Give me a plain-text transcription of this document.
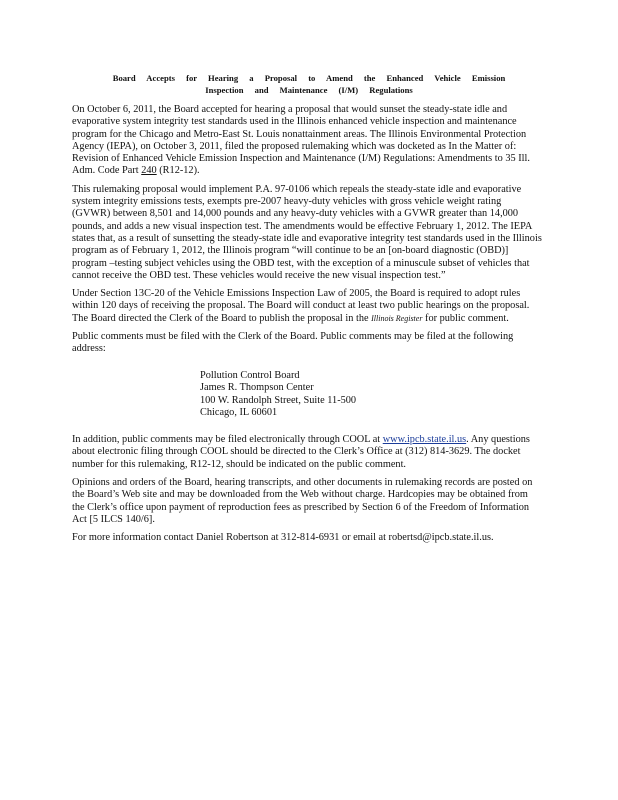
Board Accepts for Hearing a Proposal to Amend the Enhanced Vehicle Emission
Inspection and Maintenance (I/M) Regulations

On October 6, 2011, the Board accepted for hearing a proposal that would sunset the steady-state idle and evaporative system integrity test standards used in the Illinois enhanced vehicle inspection and maintenance program for the Chicago and Metro-East St. Louis nonattainment areas. The Illinois Environmental Protection Agency (IEPA), on October 3, 2011, filed the proposed rulemaking which was docketed as In the Matter of: Revision of Enhanced Vehicle Emission Inspection and Maintenance (I/M) Regulations: Amendments to 35 Ill. Adm. Code Part 240 (R12-12).

This rulemaking proposal would implement P.A. 97-0106 which repeals the steady-state idle and evaporative system integrity emissions tests, exempts pre-2007 heavy-duty vehicles with gross vehicle weight rating (GVWR) between 8,501 and 14,000 pounds and any heavy-duty vehicles with a GVWR greater than 14,000 pounds, and adds a new visual inspection test. The amendments would be effective February 1, 2012. The IEPA states that, as a result of sunsetting the steady-state idle and evaporative integrity test standards used in the Illinois program as of February 1, 2012, the Illinois program “will continue to be an [on-board diagnostic (OBD)] program –testing subject vehicles using the OBD test, with the exception of a minuscule subset of vehicles that cannot receive the OBD test. These vehicles would receive the new visual inspection test.”

Under Section 13C-20 of the Vehicle Emissions Inspection Law of 2005, the Board is required to adopt rules within 120 days of receiving the proposal. The Board will conduct at least two public hearings on the proposal. The Board directed the Clerk of the Board to publish the proposal in the Illinois Register for public comment.

Public comments must be filed with the Clerk of the Board. Public comments may be filed at the following address:

Pollution Control Board
James R. Thompson Center
100 W. Randolph Street, Suite 11-500
Chicago, IL 60601

In addition, public comments may be filed electronically through COOL at www.ipcb.state.il.us. Any questions about electronic filing through COOL should be directed to the Clerk’s Office at (312) 814-3629. The docket number for this rulemaking, R12-12, should be indicated on the public comment.

Opinions and orders of the Board, hearing transcripts, and other documents in rulemaking records are posted on the Board’s Web site and may be downloaded from the Web without charge. Hardcopies may be obtained from the Clerk’s office upon payment of reproduction fees as prescribed by Section 6 of the Freedom of Information Act [5 ILCS 140/6].

For more information contact Daniel Robertson at 312-814-6931 or email at robertsd@ipcb.state.il.us.
